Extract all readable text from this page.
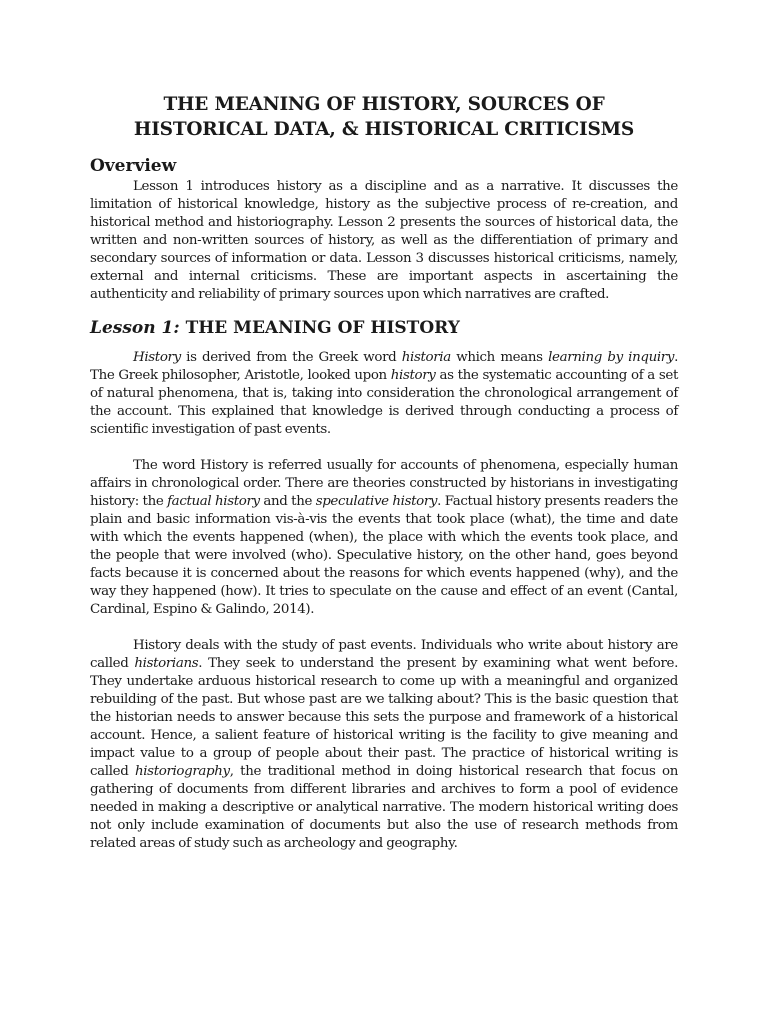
THE MEANING OF HISTORY, SOURCES OF
HISTORICAL DATA, & HISTORICAL CRITICISMS
Overview

Lesson 1 introduces history as a discipline and as a narrative. It discusses the limitation of historical knowledge, history as the subjective process of re-creation, and historical method and historiography. Lesson 2 presents the sources of historical data, the written and non-written sources of history, as well as the differentiation of primary and secondary sources of information or data. Lesson 3 discusses historical criticisms, namely, external and internal criticisms. These are important aspects in ascertaining the authenticity and reliability of primary sources upon which narratives are crafted.

Lesson 1: THE MEANING OF HISTORY

History is derived from the Greek word historia which means learning by inquiry. The Greek philosopher, Aristotle, looked upon history as the systematic accounting of a set of natural phenomena, that is, taking into consideration the chronological arrangement of the account. This explained that knowledge is derived through conducting a process of scientific investigation of past events.

The word History is referred usually for accounts of phenomena, especially human affairs in chronological order. There are theories constructed by historians in investigating history: the factual history and the speculative history. Factual history presents readers the plain and basic information vis-à-vis the events that took place (what), the time and date with which the events happened (when), the place with which the events took place, and the people that were involved (who). Speculative history, on the other hand, goes beyond facts because it is concerned about the reasons for which events happened (why), and the way they happened (how). It tries to speculate on the cause and effect of an event (Cantal, Cardinal, Espino & Galindo, 2014).

History deals with the study of past events. Individuals who write about history are called historians. They seek to understand the present by examining what went before. They undertake arduous historical research to come up with a meaningful and organized rebuilding of the past. But whose past are we talking about? This is the basic question that the historian needs to answer because this sets the purpose and framework of a historical account. Hence, a salient feature of historical writing is the facility to give meaning and impact value to a group of people about their past. The practice of historical writing is called historiography, the traditional method in doing historical research that focus on gathering of documents from different libraries and archives to form a pool of evidence needed in making a descriptive or analytical narrative. The modern historical writing does not only include examination of documents but also the use of research methods from related areas of study such as archeology and geography.
